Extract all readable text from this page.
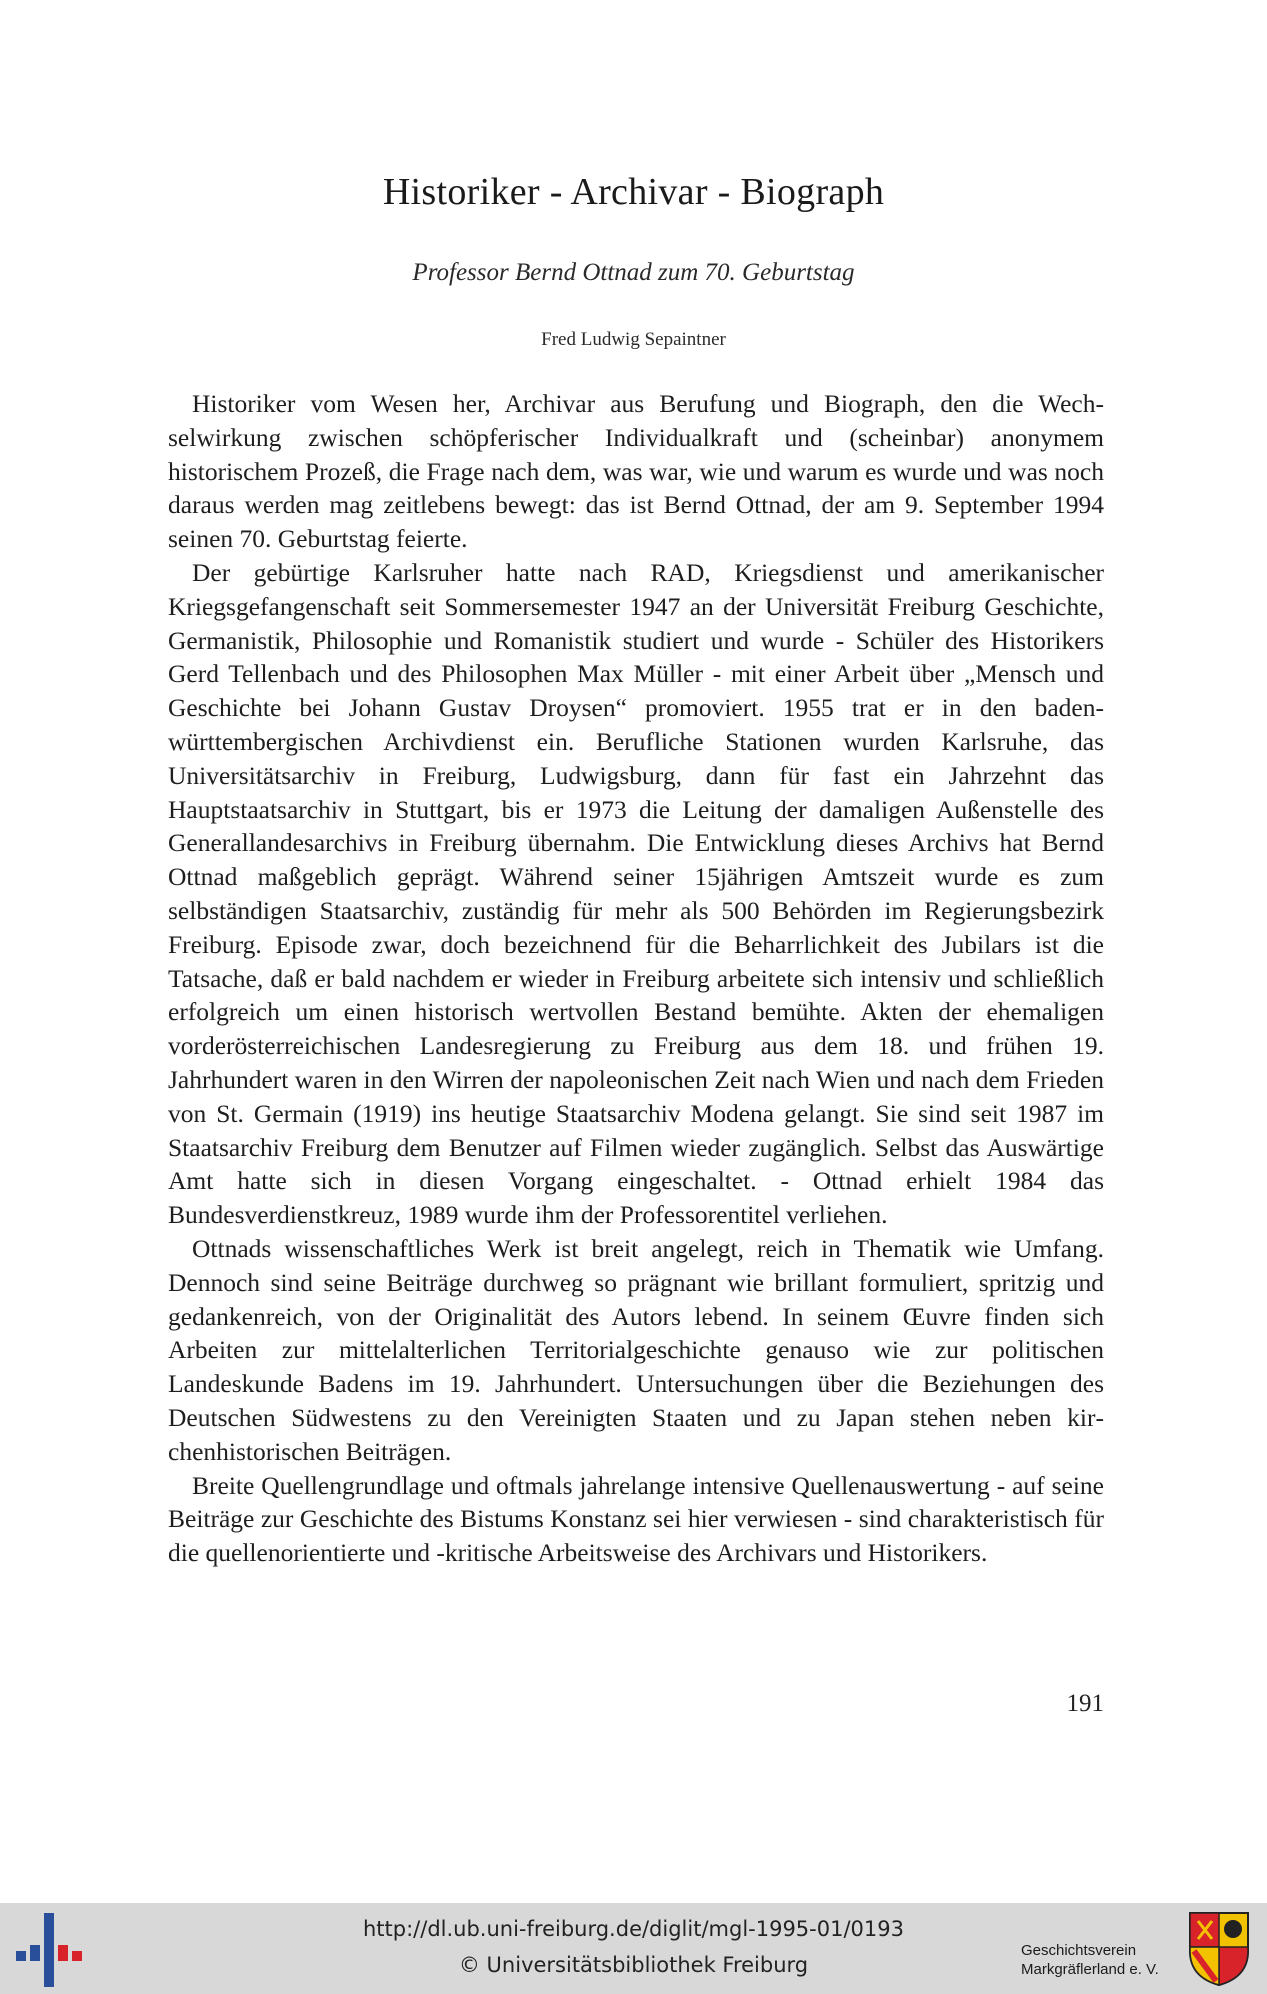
Historiker - Archivar - Biograph
Professor Bernd Ottnad zum 70. Geburtstag
Fred Ludwig Sepaintner

Historiker vom Wesen her, Archivar aus Berufung und Biograph, den die Wechselwirkung zwischen schöpferischer Individualkraft und (scheinbar) anonymem historischem Prozeß, die Frage nach dem, was war, wie und warum es wurde und was noch daraus werden mag zeitlebens bewegt: das ist Bernd Ottnad, der am 9. September 1994 seinen 70. Geburtstag feierte.

Der gebürtige Karlsruher hatte nach RAD, Kriegsdienst und amerikanischer Kriegsgefangenschaft seit Sommersemester 1947 an der Universität Freiburg Geschichte, Germanistik, Philosophie und Romanistik studiert und wurde - Schüler des Historikers Gerd Tellenbach und des Philosophen Max Müller - mit einer Arbeit über „Mensch und Geschichte bei Johann Gustav Droysen“ promoviert. 1955 trat er in den baden-württembergischen Archivdienst ein. Berufliche Stationen wurden Karlsruhe, das Universitätsarchiv in Freiburg, Ludwigsburg, dann für fast ein Jahrzehnt das Hauptstaatsarchiv in Stuttgart, bis er 1973 die Leitung der damaligen Außenstelle des Generallandesarchivs in Freiburg übernahm. Die Entwicklung dieses Archivs hat Bernd Ottnad maßgeblich geprägt. Während seiner 15jährigen Amtszeit wurde es zum selbständigen Staatsarchiv, zuständig für mehr als 500 Behörden im Regierungsbezirk Freiburg. Episode zwar, doch bezeichnend für die Beharrlichkeit des Jubilars ist die Tatsache, daß er bald nachdem er wieder in Freiburg arbeitete sich intensiv und schließlich erfolgreich um einen historisch wertvollen Bestand bemühte. Akten der ehemaligen vorderösterreichischen Landesregierung zu Freiburg aus dem 18. und frühen 19. Jahrhundert waren in den Wirren der napoleonischen Zeit nach Wien und nach dem Frieden von St. Germain (1919) ins heutige Staatsarchiv Modena gelangt. Sie sind seit 1987 im Staatsarchiv Freiburg dem Benutzer auf Filmen wieder zugänglich. Selbst das Auswärtige Amt hatte sich in diesen Vorgang eingeschaltet. - Ottnad erhielt 1984 das Bundesverdienstkreuz, 1989 wurde ihm der Professorentitel verliehen.

Ottnads wissenschaftliches Werk ist breit angelegt, reich in Thematik wie Umfang. Dennoch sind seine Beiträge durchweg so prägnant wie brillant formuliert, spritzig und gedankenreich, von der Originalität des Autors lebend. In seinem Œuvre finden sich Arbeiten zur mittelalterlichen Territorialgeschichte genauso wie zur politischen Landeskunde Badens im 19. Jahrhundert. Untersuchungen über die Beziehungen des Deutschen Südwestens zu den Vereinigten Staaten und zu Japan stehen neben kirchenhistorischen Beiträgen.

Breite Quellengrundlage und oftmals jahrelange intensive Quellenauswertung - auf seine Beiträge zur Geschichte des Bistums Konstanz sei hier verwiesen - sind charakteristisch für die quellenorientierte und -kritische Arbeitsweise des Archivars und Historikers.

191
http://dl.ub.uni-freiburg.de/diglit/mgl-1995-01/0193
© Universitätsbibliothek Freiburg
Geschichtsverein
Markgräflerland e. V.
